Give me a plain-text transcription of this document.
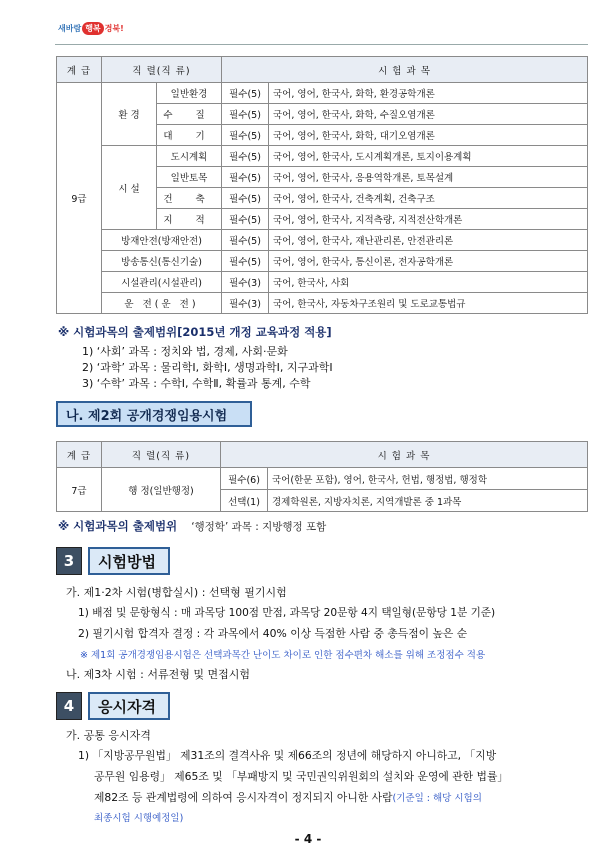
새바람 행복 경북!
계 급	직 렬(직 류)		시 험 과 목	
9급	환 경	일반환경	필수(5)	국어, 영어, 한국사, 화학, 환경공학개론
		수 질	필수(5)	국어, 영어, 한국사, 화학, 수질오염개론
		대 기	필수(5)	국어, 영어, 한국사, 화학, 대기오염개론
	시 설	도시계획	필수(5)	국어, 영어, 한국사, 도시계획개론, 토지이용계획
		일반토목	필수(5)	국어, 영어, 한국사, 응용역학개론, 토목설계
		건 축	필수(5)	국어, 영어, 한국사, 건축계획, 건축구조
		지 적	필수(5)	국어, 영어, 한국사, 지적측량, 지적전산학개론
	방재안전(방재안전)		필수(5)	국어, 영어, 한국사, 재난관리론, 안전관리론
	방송통신(통신기술)		필수(5)	국어, 영어, 한국사, 통신이론, 전자공학개론
	시설관리(시설관리)		필수(3)	국어, 한국사, 사회
	운 전(운 전)		필수(3)	국어, 한국사, 자동차구조원리 및 도로교통법규
※ 시험과목의 출제범위[2015년 개정 교육과정 적용]
1) ‘사회’ 과목 : 정치와 법, 경제, 사회·문화
2) ‘과학’ 과목 : 물리학Ⅰ, 화학Ⅰ, 생명과학Ⅰ, 지구과학Ⅰ
3) ‘수학’ 과목 : 수학Ⅰ, 수학Ⅱ, 확률과 통계, 수학
나. 제2회 공개경쟁임용시험
계 급	직 렬(직 류)	시 험 과 목	
7급	행 정(일반행정)	필수(6)	국어(한문 포함), 영어, 한국사, 헌법, 행정법, 행정학
		선택(1)	경제학원론, 지방자치론, 지역개발론 중 1과목
※ 시험과목의 출제범위 ‘행정학’ 과목 : 지방행정 포함
3	시험방법
가. 제1·2차 시험(병합실시) : 선택형 필기시험
1) 배점 및 문항형식 : 매 과목당 100점 만점, 과목당 20문항 4지 택일형(문항당 1분 기준)
2) 필기시험 합격자 결정 : 각 과목에서 40% 이상 득점한 사람 중 총득점이 높은 순
※ 제1회 공개경쟁임용시험은 선택과목간 난이도 차이로 인한 점수편차 해소를 위해 조정점수 적용
나. 제3차 시험 : 서류전형 및 면접시험
4	응시자격
가. 공통 응시자격
1) 「지방공무원법」 제31조의 결격사유 및 제66조의 정년에 해당하지 아니하고, 「지방
공무원 임용령」 제65조 및 「부패방지 및 국민권익위원회의 설치와 운영에 관한 법률」
제82조 등 관계법령에 의하여 응시자격이 정지되지 아니한 사람(기준일 : 해당 시험의
최종시험 시행예정일)
- 4 -
